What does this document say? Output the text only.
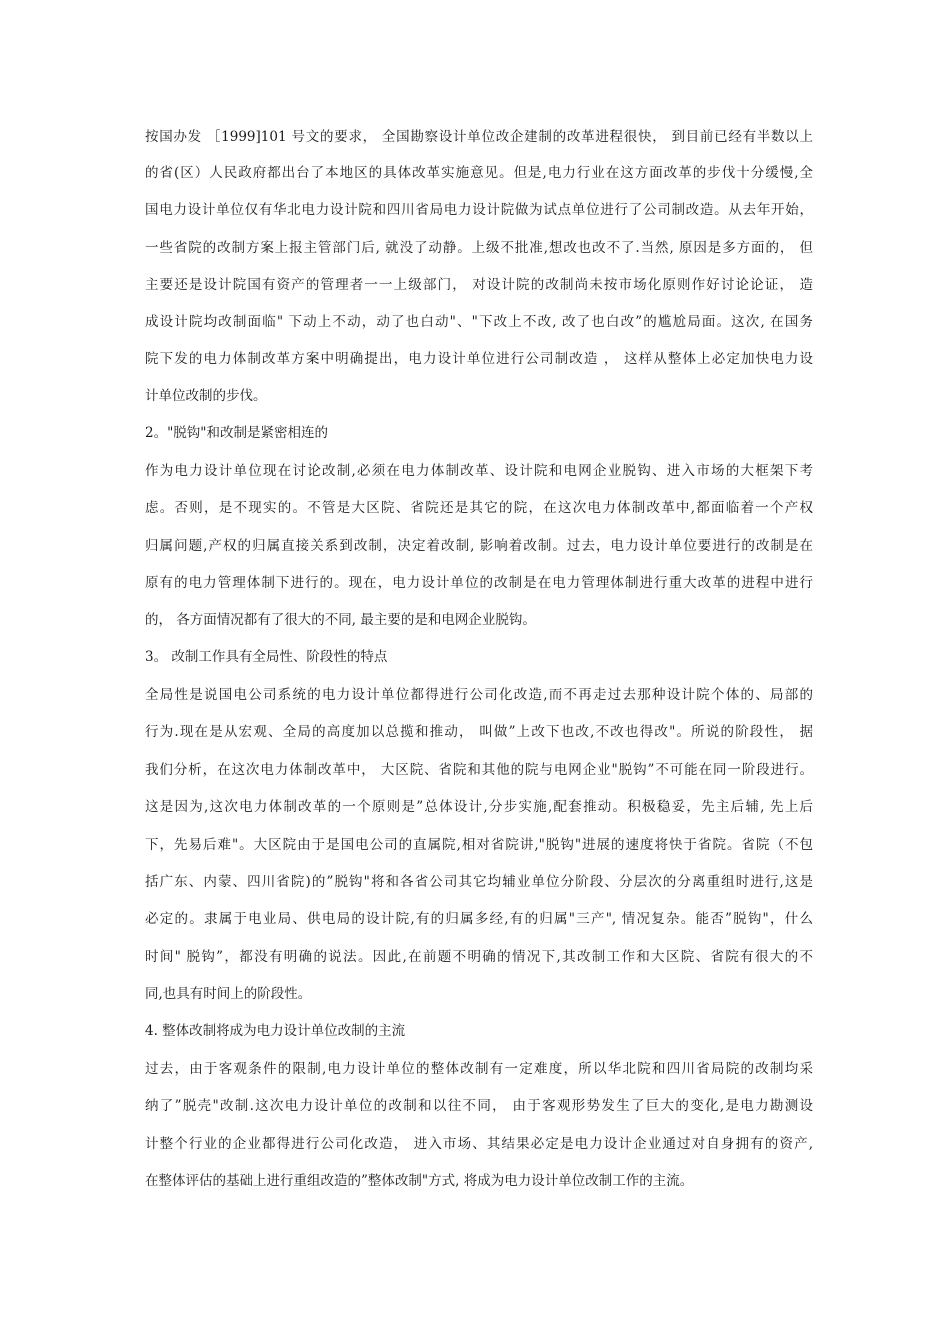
按国办发 ［1999]101 号文的要求， 全国勘察设计单位改企建制的改革进程很快， 到目前已经有半数以上
的省(区）人民政府都出台了本地区的具体改革实施意见。但是,电力行业在这方面改革的步伐十分缓慢,全
国电力设计单位仅有华北电力设计院和四川省局电力设计院做为试点单位进行了公司制改造。从去年开始，
一些省院的改制方案上报主管部门后, 就没了动静。上级不批准,想改也改不了.当然, 原因是多方面的， 但
主要还是设计院国有资产的管理者一一上级部门， 对设计院的改制尚未按市场化原则作好讨论论证， 造
成设计院均改制面临" 下动上不动，动了也白动"、"下改上不改, 改了也白改”的尴尬局面。这次, 在国务
院下发的电力体制改革方案中明确提出，电力设计单位进行公司制改造 ， 这样从整体上必定加快电力设
计单位改制的步伐。
2。"脱钩"和改制是紧密相连的
作为电力设计单位现在讨论改制,必须在电力体制改革、设计院和电网企业脱钩、进入市场的大框架下考
虑。否则，是不现实的。不管是大区院、省院还是其它的院，在这次电力体制改革中,都面临着一个产权
归属问题,产权的归属直接关系到改制，决定着改制, 影响着改制。过去，电力设计单位要进行的改制是在
原有的电力管理体制下进行的。现在，电力设计单位的改制是在电力管理体制进行重大改革的进程中进行
的， 各方面情况都有了很大的不同, 最主要的是和电网企业脱钩。
3。 改制工作具有全局性、阶段性的特点
全局性是说国电公司系统的电力设计单位都得进行公司化改造,而不再走过去那种设计院个体的、局部的
行为.现在是从宏观、全局的高度加以总揽和推动， 叫做”上改下也改,不改也得改"。所说的阶段性， 据
我们分析，在这次电力体制改革中， 大区院、省院和其他的院与电网企业"脱钩”不可能在同一阶段进行。
这是因为,这次电力体制改革的一个原则是”总体设计,分步实施,配套推动。积极稳妥，先主后辅, 先上后
下，先易后难"。大区院由于是国电公司的直属院,相对省院讲,"脱钩"进展的速度将快于省院。省院（不包
括广东、内蒙、四川省院)的”脱钩"将和各省公司其它均辅业单位分阶段、分层次的分离重组时进行,这是
必定的。隶属于电业局、供电局的设计院,有的归属多经,有的归属"三产", 情况复杂。能否”脱钩"，什么
时间" 脱钩”，都没有明确的说法。因此,在前题不明确的情况下,其改制工作和大区院、省院有很大的不
同,也具有时间上的阶段性。
4. 整体改制将成为电力设计单位改制的主流
过去，由于客观条件的限制,电力设计单位的整体改制有一定难度，所以华北院和四川省局院的改制均采
纳了”脱壳"改制.这次电力设计单位的改制和以往不同， 由于客观形势发生了巨大的变化,是电力勘测设
计整个行业的企业都得进行公司化改造， 进入市场、其结果必定是电力设计企业通过对自身拥有的资产,
在整体评估的基础上进行重组改造的”整体改制"方式, 将成为电力设计单位改制工作的主流。
